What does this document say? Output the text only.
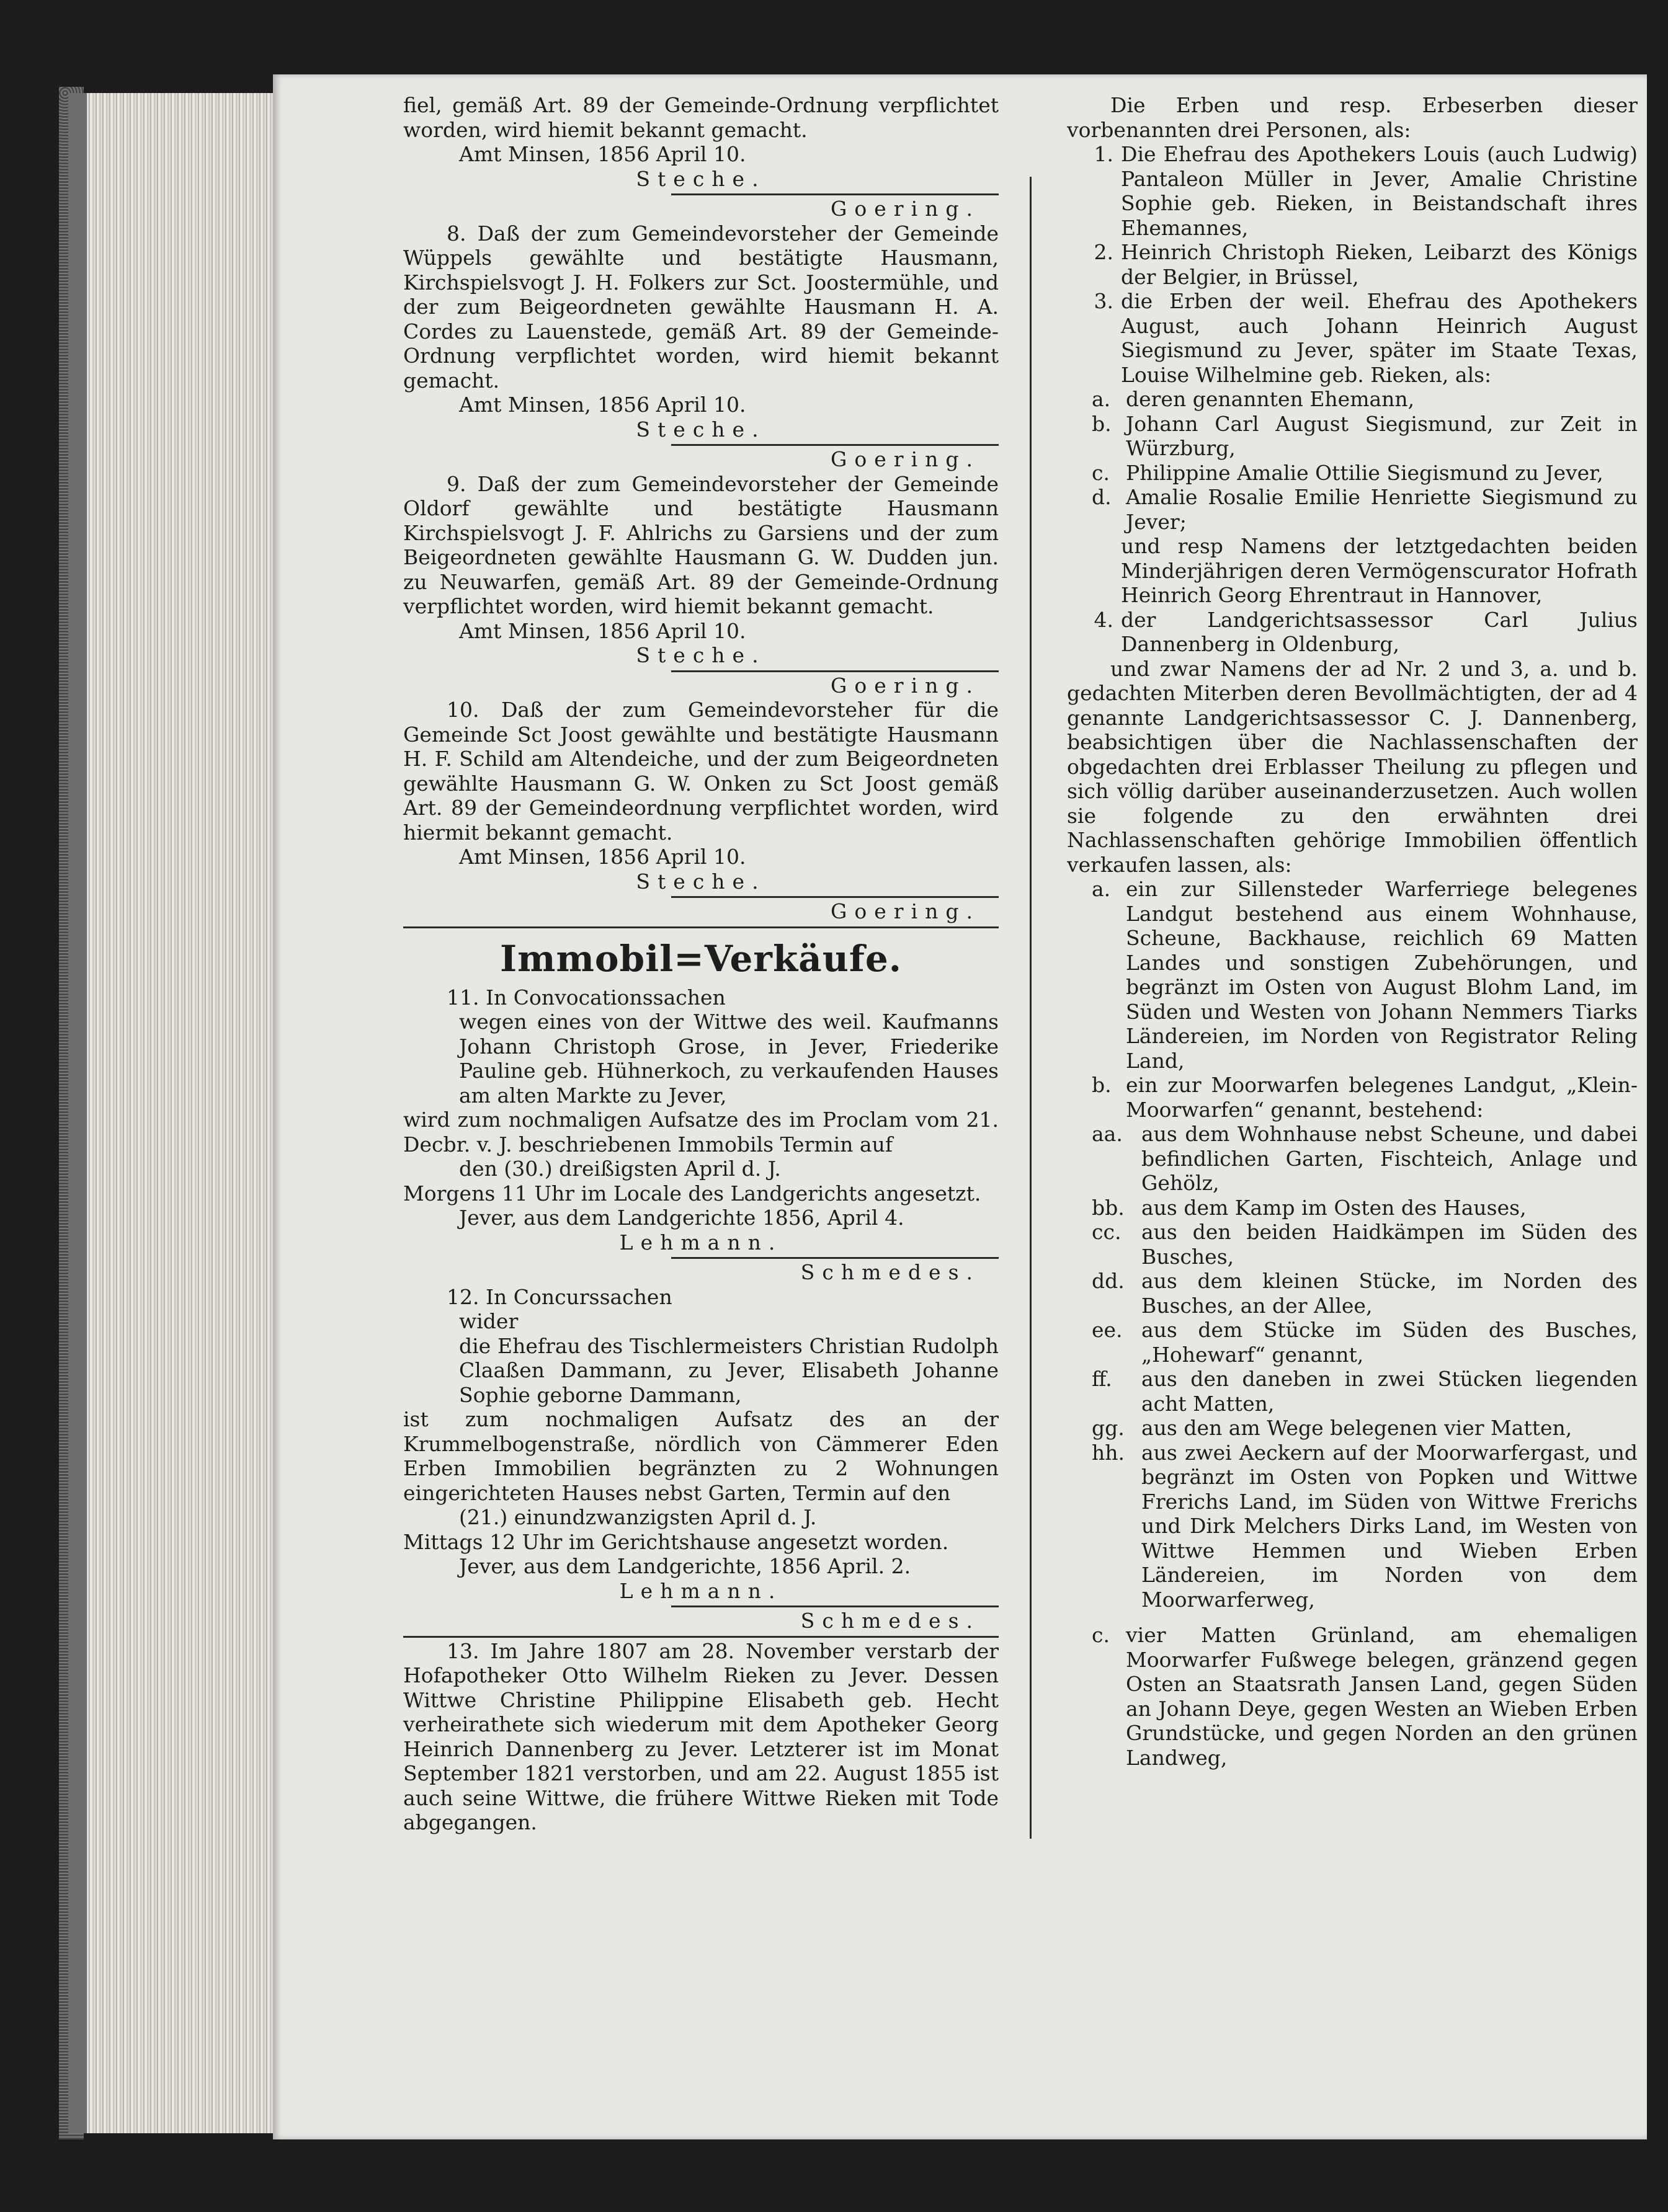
fiel, gemäß Art. 89 der Gemeinde-Ordnung verpflichtet worden, wird hiemit bekannt gemacht.

Amt Minsen, 1856 April 10.

Steche.

Goering.

8. Daß der zum Gemeindevorsteher der Gemeinde Wüppels gewählte und bestätigte Hausmann, Kirchspielsvogt J. H. Folkers zur Sct. Joostermühle, und der zum Beigeordneten gewählte Hausmann H. A. Cordes zu Lauenstede, gemäß Art. 89 der Gemeinde-Ordnung verpflichtet worden, wird hiemit bekannt gemacht.

Amt Minsen, 1856 April 10.

Steche.

Goering.

9. Daß der zum Gemeindevorsteher der Gemeinde Oldorf gewählte und bestätigte Hausmann Kirchspielsvogt J. F. Ahlrichs zu Garsiens und der zum Beigeordneten gewählte Hausmann G. W. Dudden jun. zu Neuwarfen, gemäß Art. 89 der Gemeinde-Ordnung verpflichtet worden, wird hiemit bekannt gemacht.

Amt Minsen, 1856 April 10.

Steche.

Goering.

10. Daß der zum Gemeindevorsteher für die Gemeinde Sct Joost gewählte und bestätigte Hausmann H. F. Schild am Altendeiche, und der zum Beigeordneten gewählte Hausmann G. W. Onken zu Sct Joost gemäß Art. 89 der Gemeindeordnung verpflichtet worden, wird hiermit bekannt gemacht.

Amt Minsen, 1856 April 10.

Steche.

Goering.

Immobil=Verkäufe.

11. In Convocationssachen

wegen eines von der Wittwe des weil. Kaufmanns Johann Christoph Grose, in Jever, Friederike Pauline geb. Hühnerkoch, zu verkaufenden Hauses am alten Markte zu Jever,

wird zum nochmaligen Aufsatze des im Proclam vom 21. Decbr. v. J. beschriebenen Immobils Termin auf

den (30.) dreißigsten April d. J.

Morgens 11 Uhr im Locale des Landgerichts angesetzt.

Jever, aus dem Landgerichte 1856, April 4.

Lehmann.

Schmedes.

12. In Concurssachen

wider

die Ehefrau des Tischlermeisters Christian Rudolph Claaßen Dammann, zu Jever, Elisabeth Johanne Sophie geborne Dammann,

ist zum nochmaligen Aufsatz des an der Krummelbogenstraße, nördlich von Cämmerer Eden Erben Immobilien begränzten zu 2 Wohnungen eingerichteten Hauses nebst Garten, Termin auf den

(21.) einundzwanzigsten April d. J.

Mittags 12 Uhr im Gerichtshause angesetzt worden.

Jever, aus dem Landgerichte, 1856 April. 2.

Lehmann.

Schmedes.

13. Im Jahre 1807 am 28. November verstarb der Hofapotheker Otto Wilhelm Rieken zu Jever. Dessen Wittwe Christine Philippine Elisabeth geb. Hecht verheirathete sich wiederum mit dem Apotheker Georg Heinrich Dannenberg zu Jever. Letzterer ist im Monat September 1821 verstorben, und am 22. August 1855 ist auch seine Wittwe, die frühere Wittwe Rieken mit Tode abgegangen.

Die Erben und resp. Erbeserben dieser vorbenannten drei Personen, als:

1. Die Ehefrau des Apothekers Louis (auch Ludwig) Pantaleon Müller in Jever, Amalie Christine Sophie geb. Rieken, in Beistandschaft ihres Ehemannes,
2. Heinrich Christoph Rieken, Leibarzt des Königs der Belgier, in Brüssel,
3. die Erben der weil. Ehefrau des Apothekers August, auch Johann Heinrich August Siegismund zu Jever, später im Staate Texas, Louise Wilhelmine geb. Rieken, als:
a. deren genannten Ehemann,
b. Johann Carl August Siegismund, zur Zeit in Würzburg,
c. Philippine Amalie Ottilie Siegismund zu Jever,
d. Amalie Rosalie Emilie Henriette Siegismund zu Jever;

und resp Namens der letztgedachten beiden Minderjährigen deren Vermögenscurator Hofrath Heinrich Georg Ehrentraut in Hannover,

4. der Landgerichtsassessor Carl Julius Dannenberg in Oldenburg,

und zwar Namens der ad Nr. 2 und 3, a. und b. gedachten Miterben deren Bevollmächtigten, der ad 4 genannte Landgerichtsassessor C. J. Dannenberg, beabsichtigen über die Nachlassenschaften der obgedachten drei Erblasser Theilung zu pflegen und sich völlig darüber auseinanderzusetzen. Auch wollen sie folgende zu den erwähnten drei Nachlassenschaften gehörige Immobilien öffentlich verkaufen lassen, als:

a. ein zur Sillensteder Warferriege belegenes Landgut bestehend aus einem Wohnhause, Scheune, Backhause, reichlich 69 Matten Landes und sonstigen Zubehörungen, und begränzt im Osten von August Blohm Land, im Süden und Westen von Johann Nemmers Tiarks Ländereien, im Norden von Registrator Reling Land,
b. ein zur Moorwarfen belegenes Landgut, „Klein-Moorwarfen“ genannt, bestehend:
aa. aus dem Wohnhause nebst Scheune, und dabei befindlichen Garten, Fischteich, Anlage und Gehölz,
bb. aus dem Kamp im Osten des Hauses,
cc. aus den beiden Haidkämpen im Süden des Busches,
dd. aus dem kleinen Stücke, im Norden des Busches, an der Allee,
ee. aus dem Stücke im Süden des Busches, „Hohewarf“ genannt,
ff.	aus den daneben in zwei Stücken liegenden acht Matten,
gg. aus den am Wege belegenen vier Matten,
hh. aus zwei Aeckern auf der Moorwarfergast, und begränzt im Osten von Popken und Wittwe Frerichs Land, im Süden von Wittwe Frerichs und Dirk Melchers Dirks Land, im Westen von Wittwe Hemmen und Wieben Erben Ländereien, im Norden von dem Moorwarferweg,
c. vier Matten Grünland, am ehemaligen Moorwarfer Fußwege belegen, gränzend gegen Osten an Staatsrath Jansen Land, gegen Süden an Johann Deye, gegen Westen an Wieben Erben Grundstücke, und gegen Norden an den grünen Landweg,
